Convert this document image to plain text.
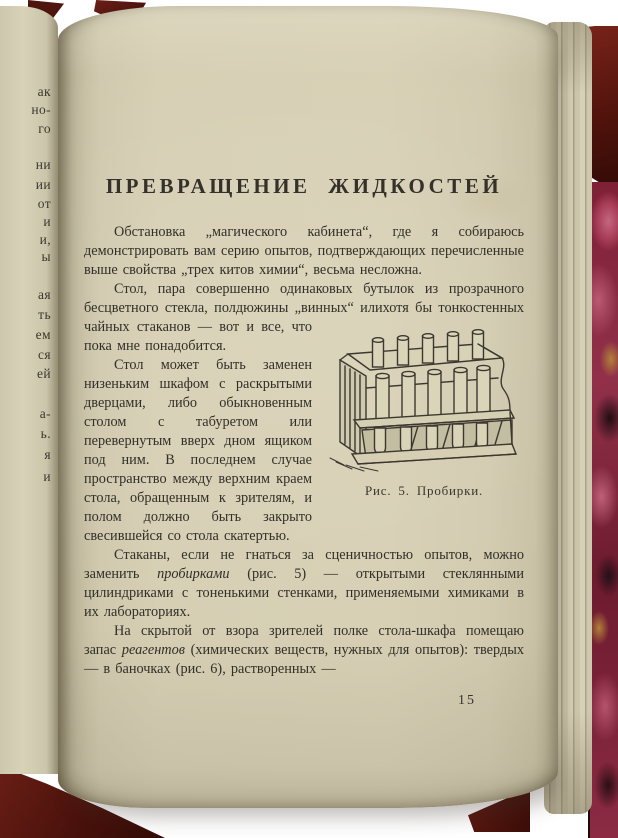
ак
но-
го
ни
ии
от
и
и,
ы
ая
ть
ем
ся
ей
а-
ь.
я
и
ПРЕВРАЩЕНИЕ ЖИДКОСТЕЙ

Обстановка „магического кабинета“, где я собираюсь демонстрировать вам серию опытов, подтверждающих перечисленные выше свойства „трех китов химии“, весьма несложна.

Стол, пара совершенно одинаковых бутылок из прозрачного бесцветного стекла, полдюжины „винных“ или
Рис. 5. Пробирки.
хотя бы тонкостенных чайных стаканов — вот и все, что пока мне понадобится.

Стол может быть заменен низеньким шкафом с раскрытыми дверцами, либо обыкновенным столом с табуретом или перевернутым вверх дном ящиком под ним. В последнем случае пространство между верхним краем стола, обращенным к зрителям, и полом должно быть закрыто свесившейся со стола скатертью.

Стаканы, если не гнаться за сценичностью опытов, можно заменить пробирками (рис. 5) — открытыми стеклянными цилиндриками с тоненькими стенками, применяемыми химиками в их лабораториях.

На скрытой от взора зрителей полке стола-шкафа помещаю запас реагентов (химических веществ, нужных для опытов): твердых — в баночках (рис. 6), растворенных —

15
